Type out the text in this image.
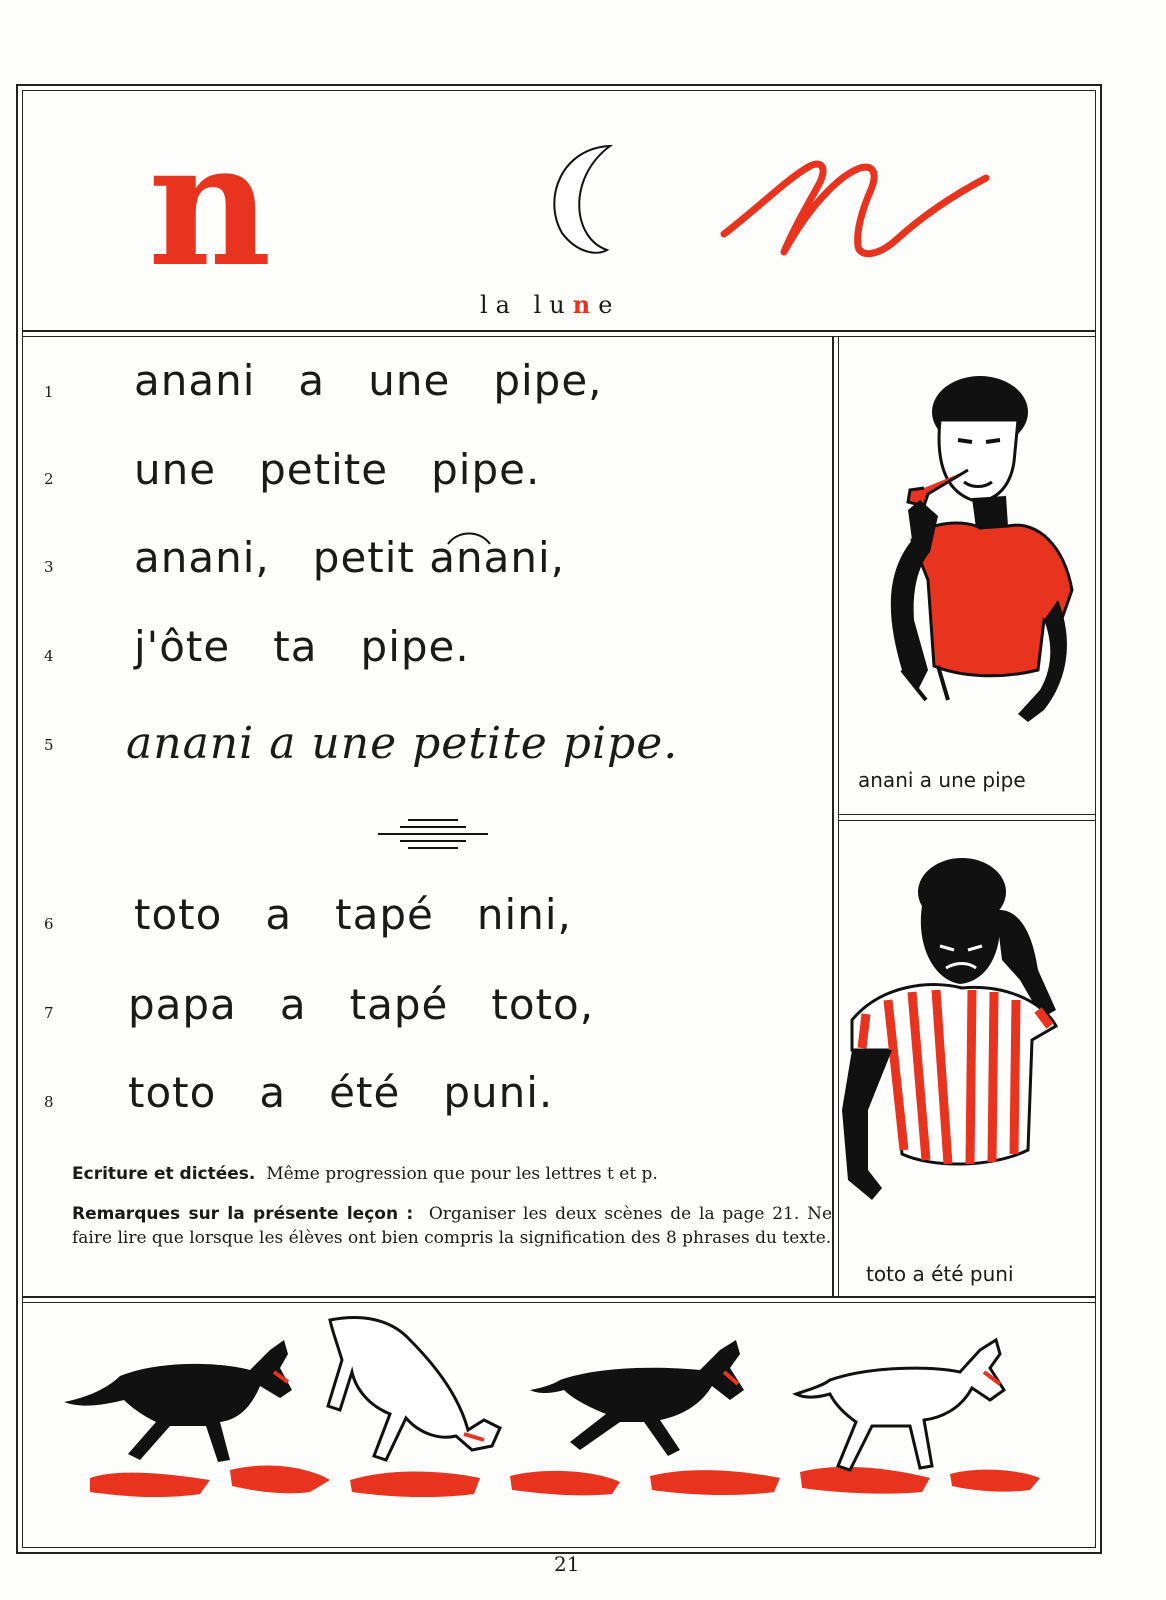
n	la lune
1 anani   a   une   pipe,
2 une   petite   pipe.
3 anani,   petit anani,
4 j'ôte   ta   pipe.
5 anani a une petite pipe.
6 toto   a   tapé   nini,
7 papa   a   tapé   toto,
8 toto   a   été   puni.
Ecriture et dictées. Même progression que pour les lettres t et p.
Remarques sur la présente leçon : Organiser les deux scènes de la page 21. Ne faire lire que lorsque les élèves ont bien compris la signification des 8 phrases du texte.
anani a une pipe
toto a été puni
21
